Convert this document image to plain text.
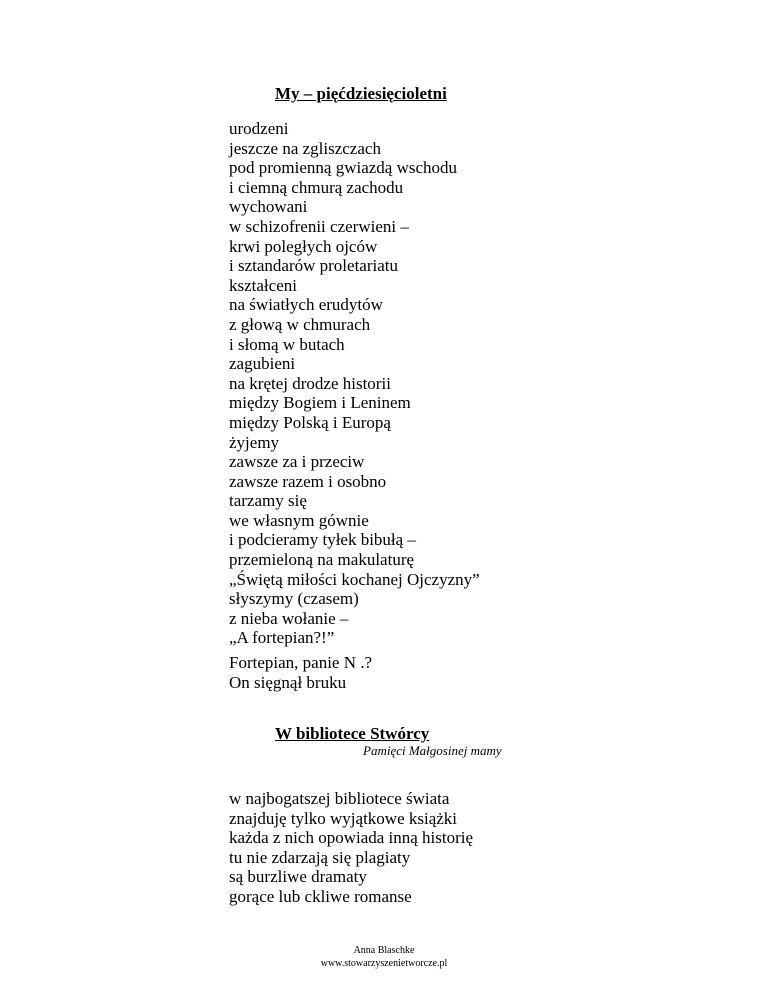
My – pięćdziesięcioletni
urodzeni
jeszcze na zgliszczach
pod promienną gwiazdą wschodu
i ciemną chmurą zachodu
wychowani
w schizofrenii czerwieni –
krwi poległych ojców
i sztandarów proletariatu
kształceni
na światłych erudytów
z głową w chmurach
i słomą w butach
zagubieni
na krętej drodze historii
między Bogiem i Leninem
między Polską i Europą
żyjemy
zawsze za i przeciw
zawsze razem i osobno
tarzamy się
we własnym gównie
i podcieramy tyłek bibułą –
przemieloną na makulaturę
„Świętą miłości kochanej Ojczyzny”
słyszymy (czasem)
z nieba wołanie –
„A fortepian?!”
Fortepian, panie N .?
On sięgnął bruku
W bibliotece Stwórcy
Pamięci Małgosinej mamy
w najbogatszej bibliotece świata
znajduję tylko wyjątkowe książki
każda z nich opowiada inną historię
tu nie zdarzają się plagiaty
są burzliwe dramaty
gorące lub ckliwe romanse
Anna Blaschke
www.stowarzyszenietworcze.pl
